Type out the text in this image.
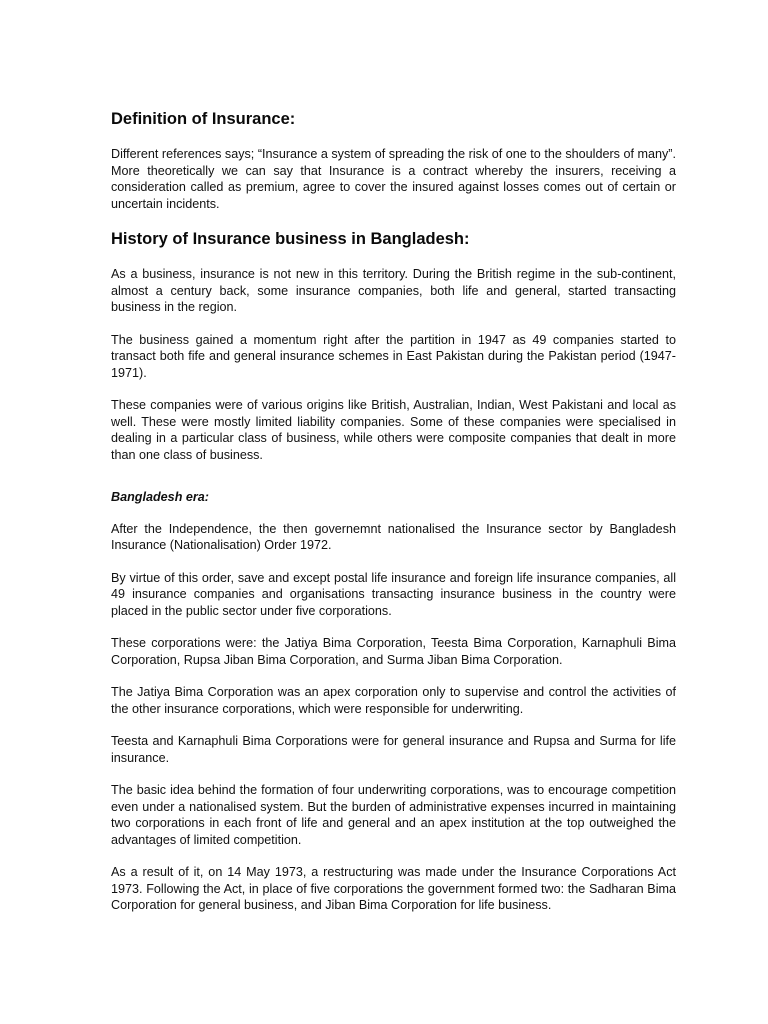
Definition of Insurance:

Different references says; “Insurance a system of spreading the risk of one to the shoulders of many”. More theoretically we can say that Insurance is a contract whereby the insurers, receiving a consideration called as premium, agree to cover the insured against losses comes out of certain or uncertain incidents.

History of Insurance business in Bangladesh:

As a business, insurance is not new in this territory. During the British regime in the sub-continent, almost a century back, some insurance companies, both life and general, started transacting business in the region.

The business gained a momentum right after the partition in 1947 as 49 companies started to transact both fife and general insurance schemes in East Pakistan during the Pakistan period (1947-1971).

These companies were of various origins like British, Australian, Indian, West Pakistani and local as well. These were mostly limited liability companies. Some of these companies were specialised in dealing in a particular class of business, while others were composite companies that dealt in more than one class of business.

Bangladesh era:

After the Independence, the then governemnt nationalised the Insurance sector by Bangladesh Insurance (Nationalisation) Order 1972.

By virtue of this order, save and except postal life insurance and foreign life insurance companies, all 49 insurance companies and organisations transacting insurance business in the country were placed in the public sector under five corporations.

These corporations were: the Jatiya Bima Corporation, Teesta Bima Corporation, Karnaphuli Bima Corporation, Rupsa Jiban Bima Corporation, and Surma Jiban Bima Corporation.

The Jatiya Bima Corporation was an apex corporation only to supervise and control the activities of the other insurance corporations, which were responsible for underwriting.

Teesta and Karnaphuli Bima Corporations were for general insurance and Rupsa and Surma for life insurance.

The basic idea behind the formation of four underwriting corporations, was to encourage competition even under a nationalised system. But the burden of administrative expenses incurred in maintaining two corporations in each front of life and general and an apex institution at the top outweighed the advantages of limited competition.

As a result of it, on 14 May 1973, a restructuring was made under the Insurance Corporations Act 1973. Following the Act, in place of five corporations the government formed two: the Sadharan Bima Corporation for general business, and Jiban Bima Corporation for life business.
